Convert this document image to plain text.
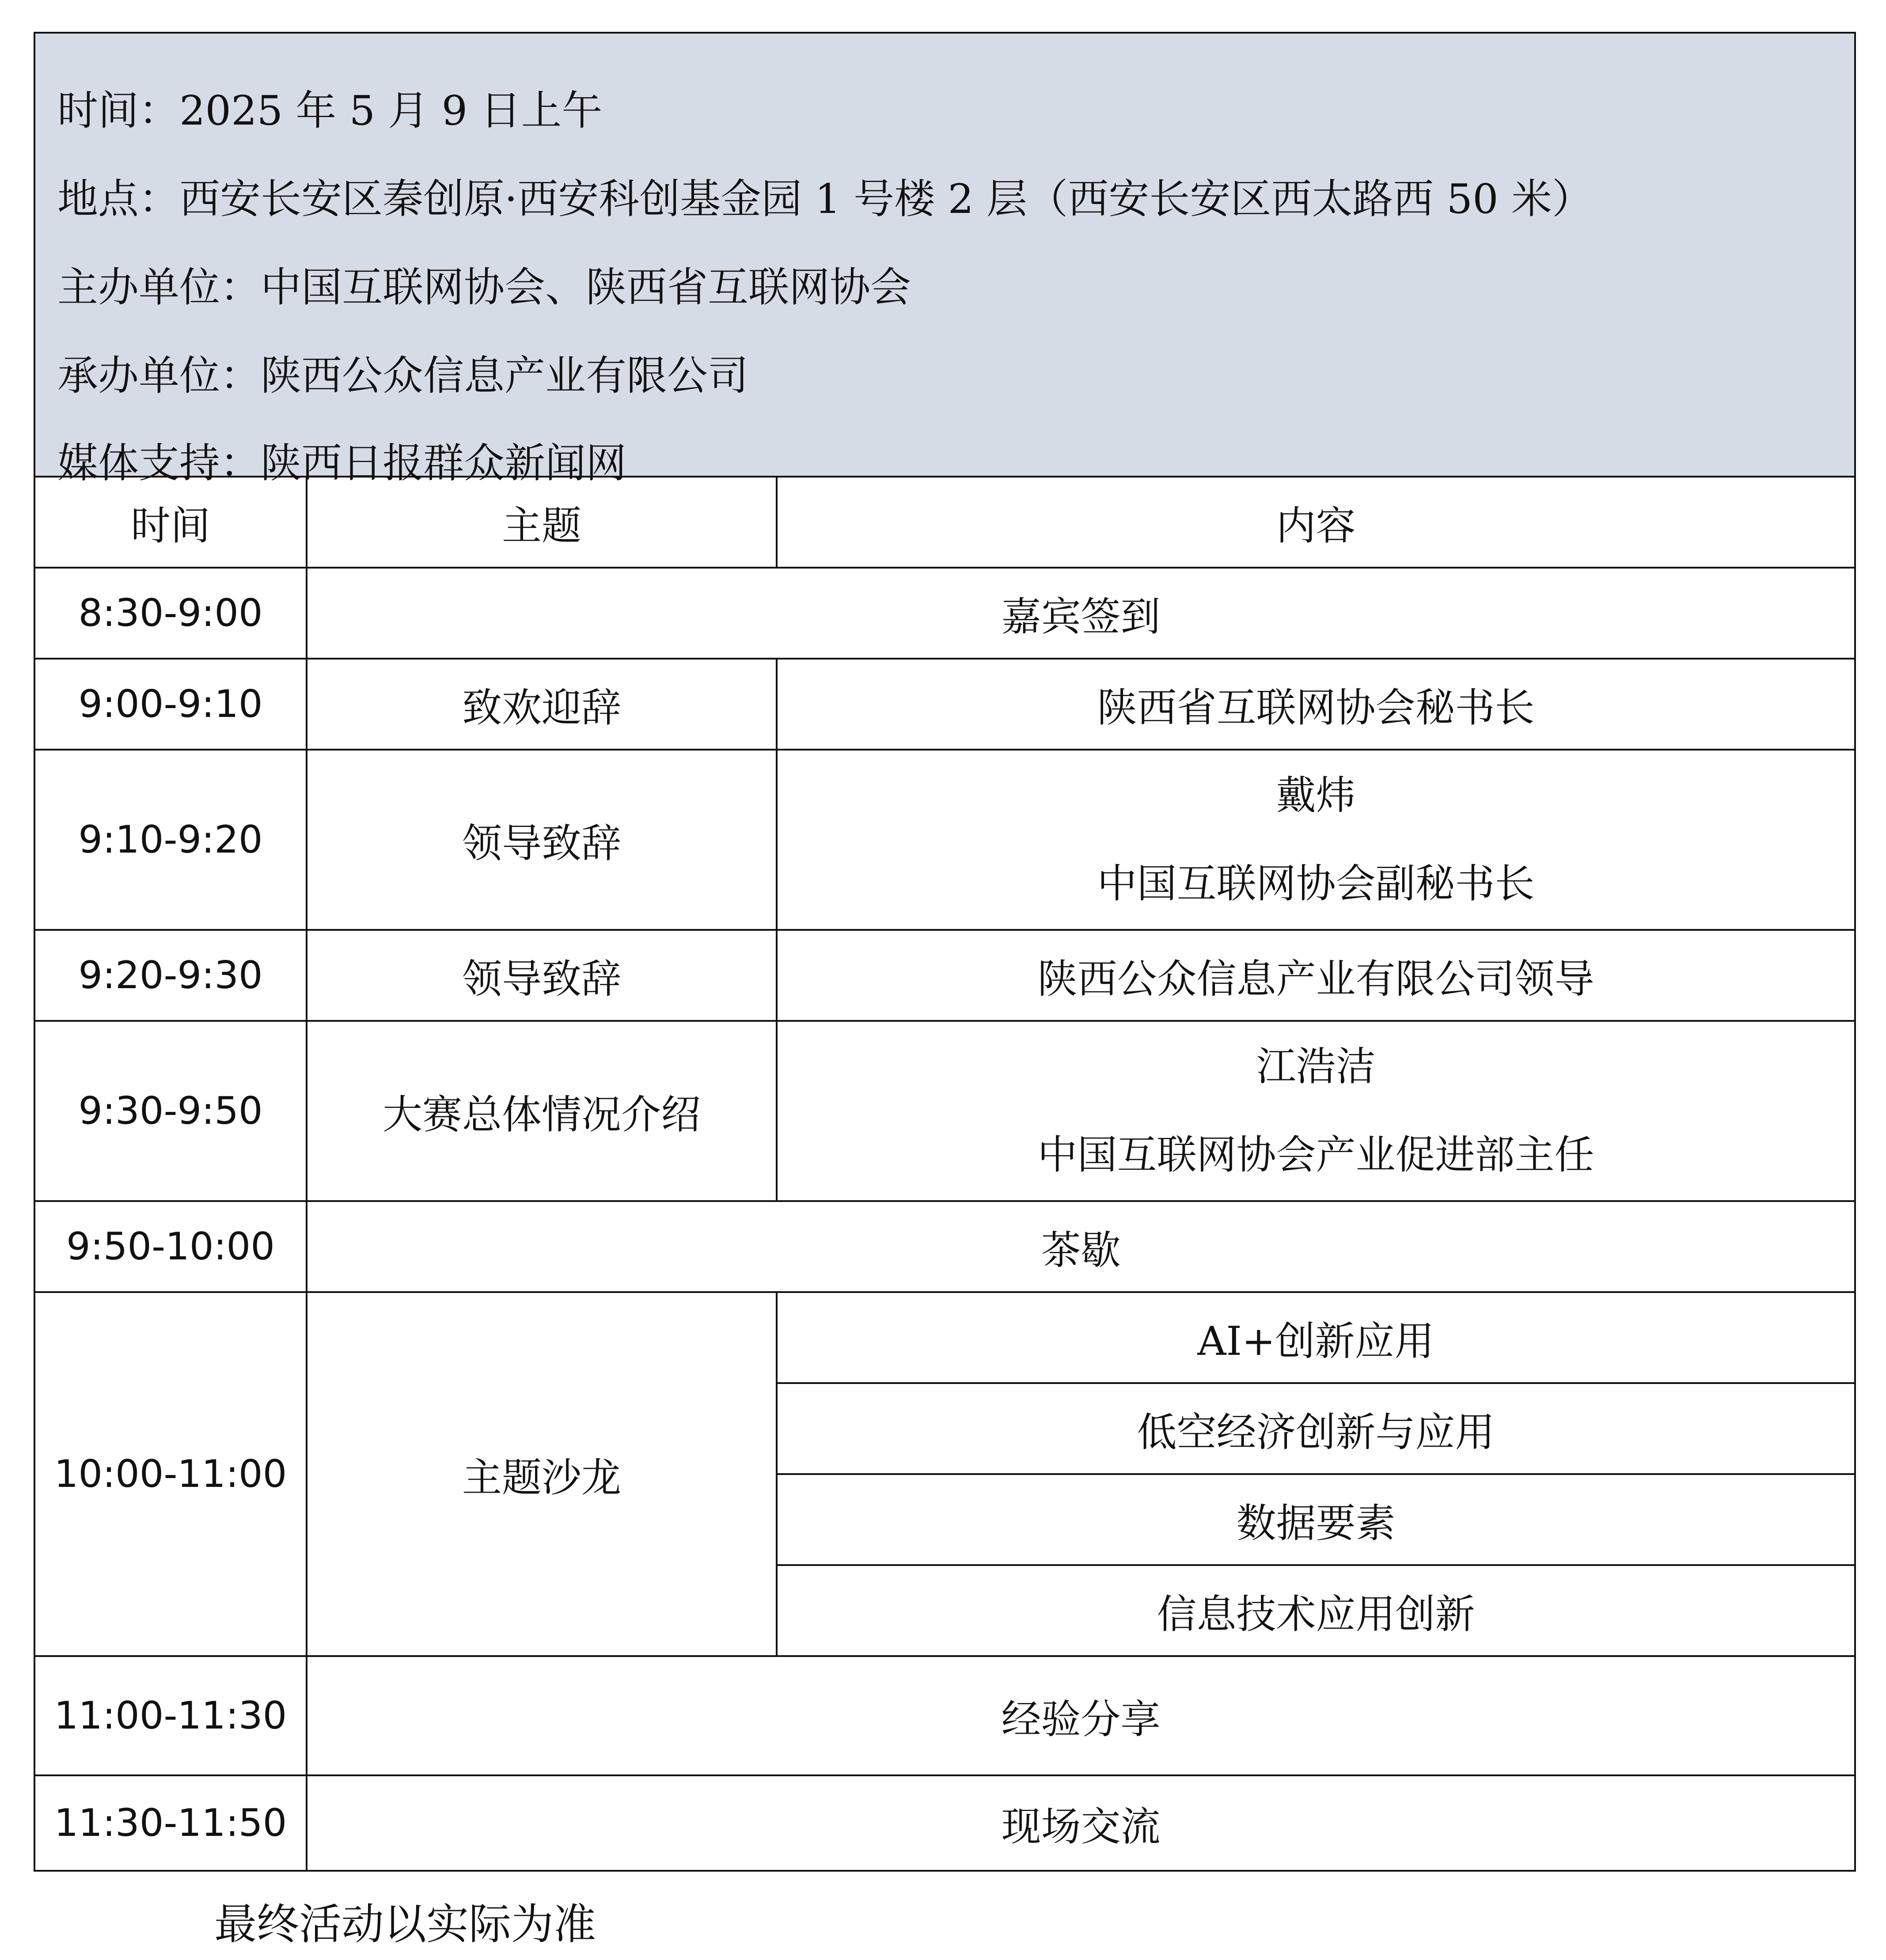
时间：2025 年 5 月 9 日上午
地点：西安长安区秦创原·西安科创基金园 1 号楼 2 层（西安长安区西太路西 50 米）
主办单位：中国互联网协会、陕西省互联网协会
承办单位：陕西公众信息产业有限公司
媒体支持：陕西日报群众新闻网
时间	主题	内容
8:30-9:00	嘉宾签到	
9:00-9:10	致欢迎辞	陕西省互联网协会秘书长
9:10-9:20	领导致辞	戴炜
中国互联网协会副秘书长

9:20-9:30	领导致辞	陕西公众信息产业有限公司领导
9:30-9:50	大赛总体情况介绍	江浩洁
中国互联网协会产业促进部主任

9:50-10:00	茶歇	
10:00-11:00	主题沙龙	AI+创新应用
		低空经济创新与应用
		数据要素
		信息技术应用创新
11:00-11:30	经验分享	
11:30-11:50	现场交流	
最终活动以实际为准
